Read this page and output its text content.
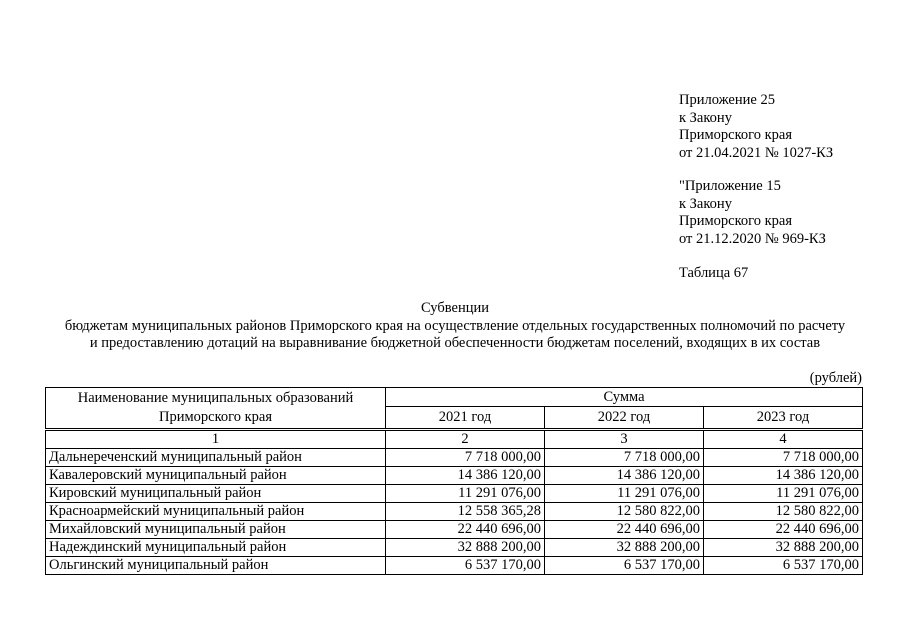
Приложение 25
к Закону
Приморского края
от 21.04.2021 № 1027-КЗ
"Приложение 15
к Закону
Приморского края
от 21.12.2020 № 969-КЗ
Таблица 67
Субвенции
бюджетам муниципальных районов Приморского края на осуществление отдельных государственных полномочий по расчету
и предоставлению дотаций на выравнивание бюджетной обеспеченности бюджетам поселений, входящих в их состав
(рублей)
Наименование муниципальных образований Приморского края	Сумма		
	2021 год	2022 год	2023 год
1	2	3	4
Дальнереченский муниципальный район	7 718 000,00	7 718 000,00	7 718 000,00
Кавалеровский муниципальный район	14 386 120,00	14 386 120,00	14 386 120,00
Кировский муниципальный район	11 291 076,00	11 291 076,00	11 291 076,00
Красноармейский муниципальный район	12 558 365,28	12 580 822,00	12 580 822,00
Михайловский муниципальный район	22 440 696,00	22 440 696,00	22 440 696,00
Надеждинский муниципальный район	32 888 200,00	32 888 200,00	32 888 200,00
Ольгинский муниципальный район	6 537 170,00	6 537 170,00	6 537 170,00
